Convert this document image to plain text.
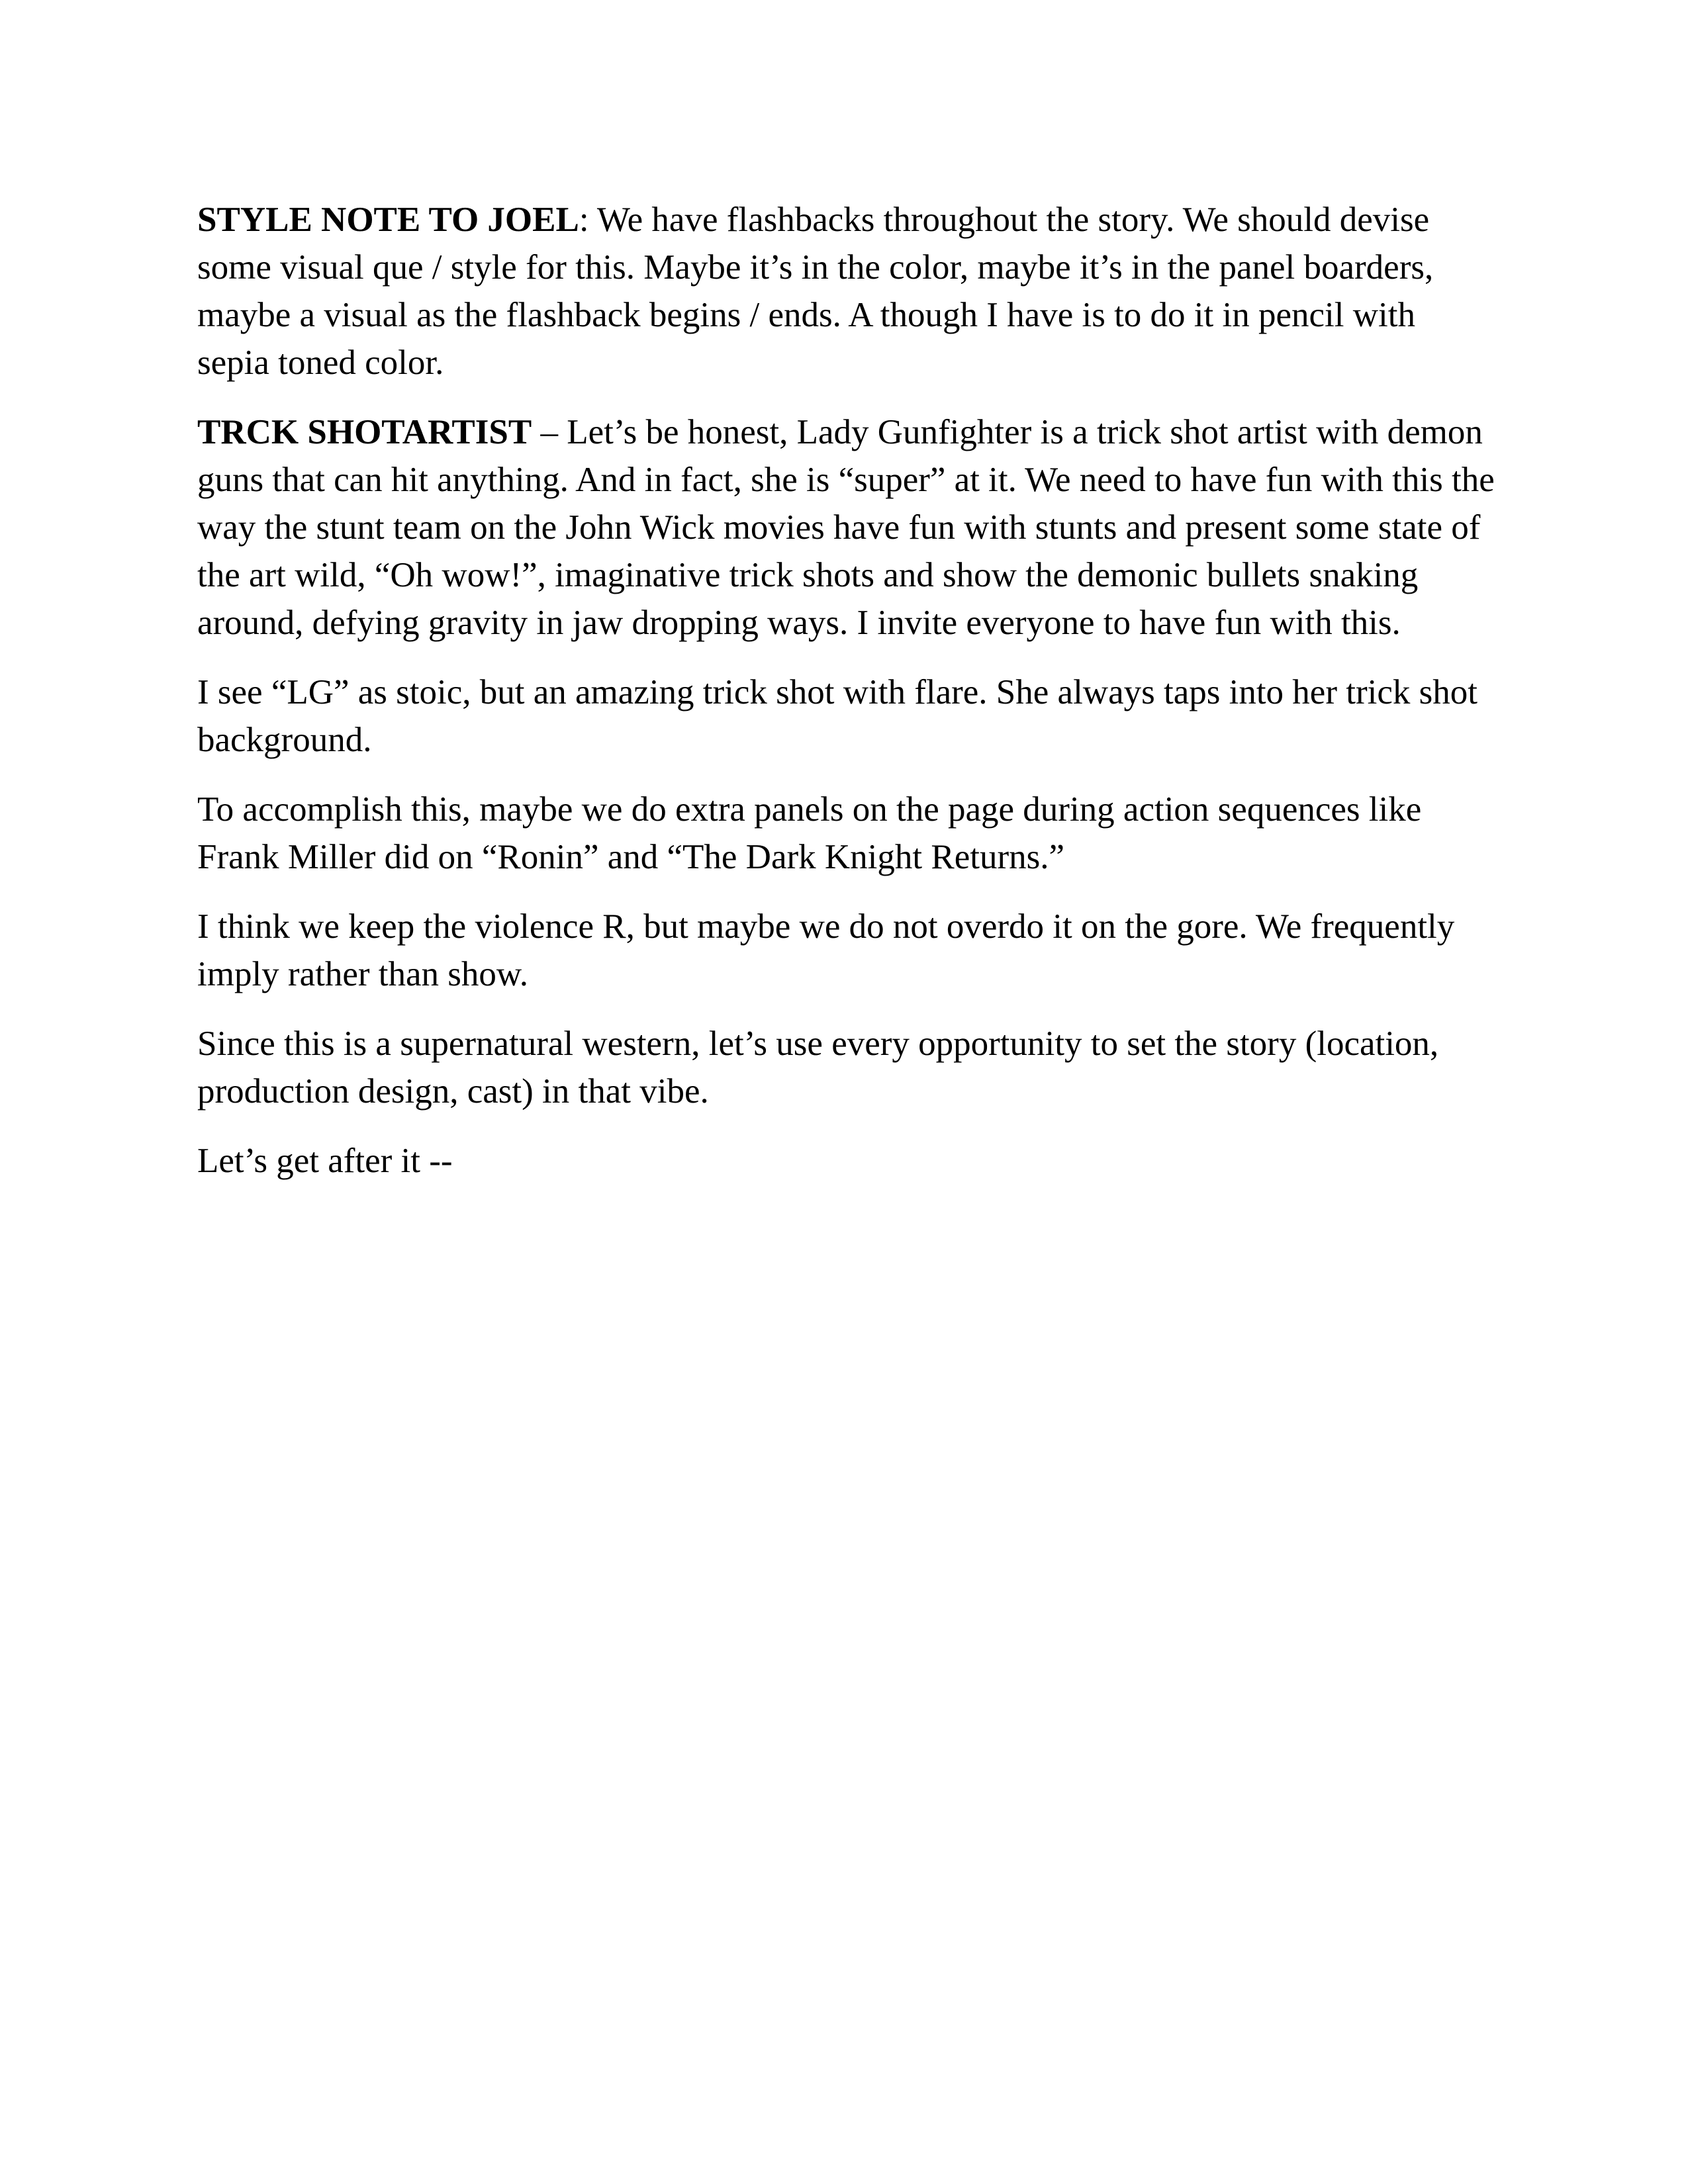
STYLE NOTE TO JOEL: We have flashbacks throughout the story. We should devise some visual que / style for this. Maybe it’s in the color, maybe it’s in the panel boarders, maybe a visual as the flashback begins / ends. A though I have is to do it in pencil with sepia toned color.

TRCK SHOTARTIST – Let’s be honest, Lady Gunfighter is a trick shot artist with demon guns that can hit anything. And in fact, she is “super” at it. We need to have fun with this the way the stunt team on the John Wick movies have fun with stunts and present some state of the art wild, “Oh wow!”, imaginative trick shots and show the demonic bullets snaking around, defying gravity in jaw dropping ways. I invite everyone to have fun with this.

I see “LG” as stoic, but an amazing trick shot with flare. She always taps into her trick shot background.

To accomplish this, maybe we do extra panels on the page during action sequences like Frank Miller did on “Ronin” and “The Dark Knight Returns.”

I think we keep the violence R, but maybe we do not overdo it on the gore. We frequently imply rather than show.

Since this is a supernatural western, let’s use every opportunity to set the story (location, production design, cast) in that vibe.

Let’s get after it --
